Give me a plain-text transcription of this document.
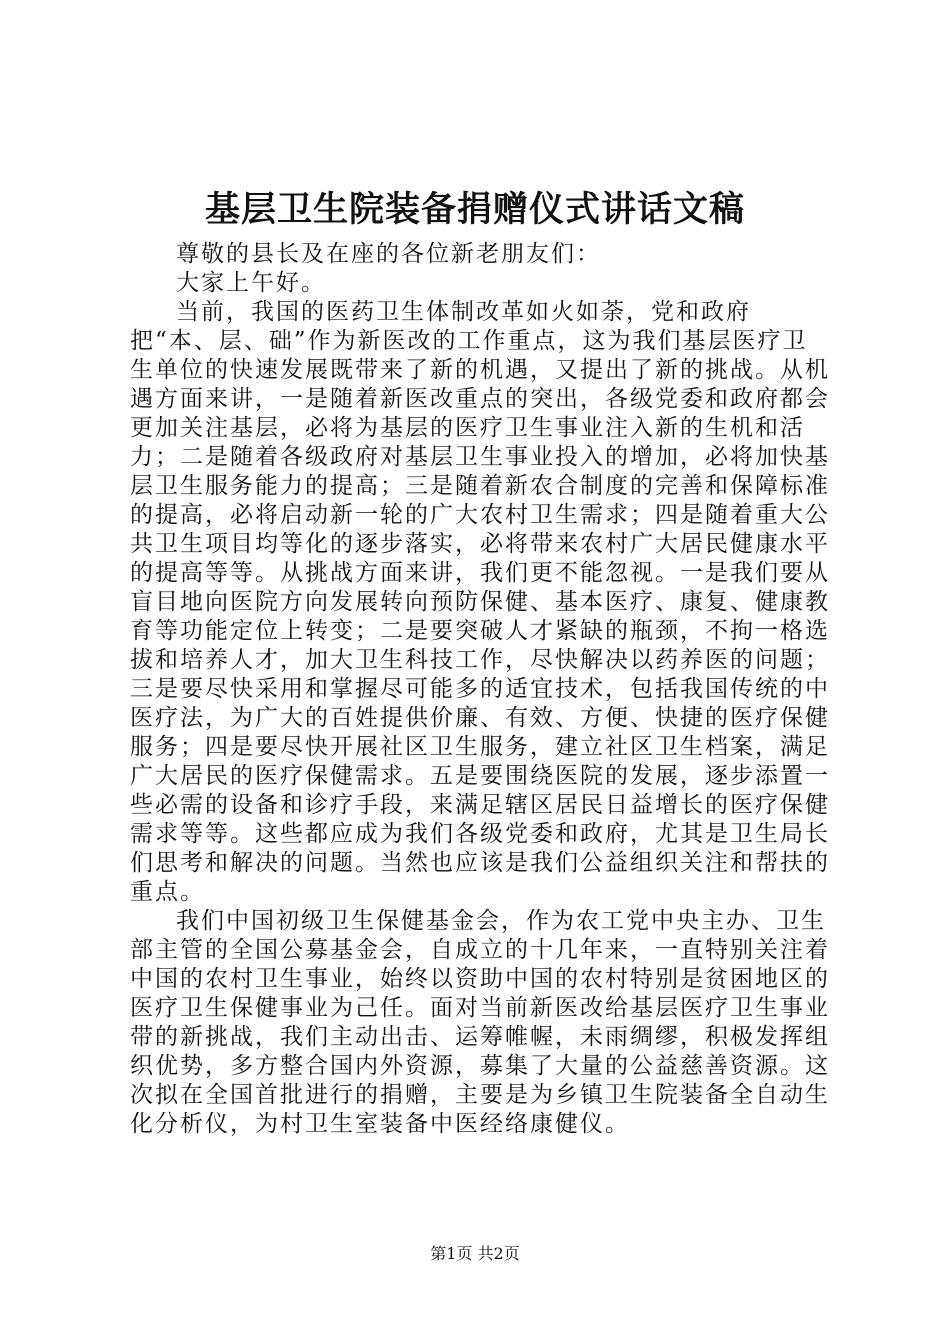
基层卫生院装备捐赠仪式讲话文稿

尊敬的县长及在座的各位新老朋友们：

大家上午好。

当前，我国的医药卫生体制改革如火如荼，党和政府把“本、层、础”作为新医改的工作重点，这为我们基层医疗卫生单位的快速发展既带来了新的机遇，又提出了新的挑战。从机遇方面来讲，一是随着新医改重点的突出，各级党委和政府都会更加关注基层，必将为基层的医疗卫生事业注入新的生机和活力；二是随着各级政府对基层卫生事业投入的增加，必将加快基层卫生服务能力的提高；三是随着新农合制度的完善和保障标准的提高，必将启动新一轮的广大农村卫生需求；四是随着重大公共卫生项目均等化的逐步落实，必将带来农村广大居民健康水平的提高等等。从挑战方面来讲，我们更不能忽视。一是我们要从盲目地向医院方向发展转向预防保健、基本医疗、康复、健康教育等功能定位上转变；二是要突破人才紧缺的瓶颈，不拘一格选拔和培养人才，加大卫生科技工作，尽快解决以药养医的问题；三是要尽快采用和掌握尽可能多的适宜技术，包括我国传统的中医疗法，为广大的百姓提供价廉、有效、方便、快捷的医疗保健服务；四是要尽快开展社区卫生服务，建立社区卫生档案，满足广大居民的医疗保健需求。五是要围绕医院的发展，逐步添置一些必需的设备和诊疗手段，来满足辖区居民日益增长的医疗保健需求等等。这些都应成为我们各级党委和政府，尤其是卫生局长们思考和解决的问题。当然也应该是我们公益组织关注和帮扶的重点。

我们中国初级卫生保健基金会，作为农工党中央主办、卫生部主管的全国公募基金会，自成立的十几年来，一直特别关注着中国的农村卫生事业，始终以资助中国的农村特别是贫困地区的医疗卫生保健事业为己任。面对当前新医改给基层医疗卫生事业带的新挑战，我们主动出击、运筹帷幄，未雨绸缪，积极发挥组织优势，多方整合国内外资源，募集了大量的公益慈善资源。这次拟在全国首批进行的捐赠，主要是为乡镇卫生院装备全自动生化分析仪，为村卫生室装备中医经络康健仪。

第1页 共2页
